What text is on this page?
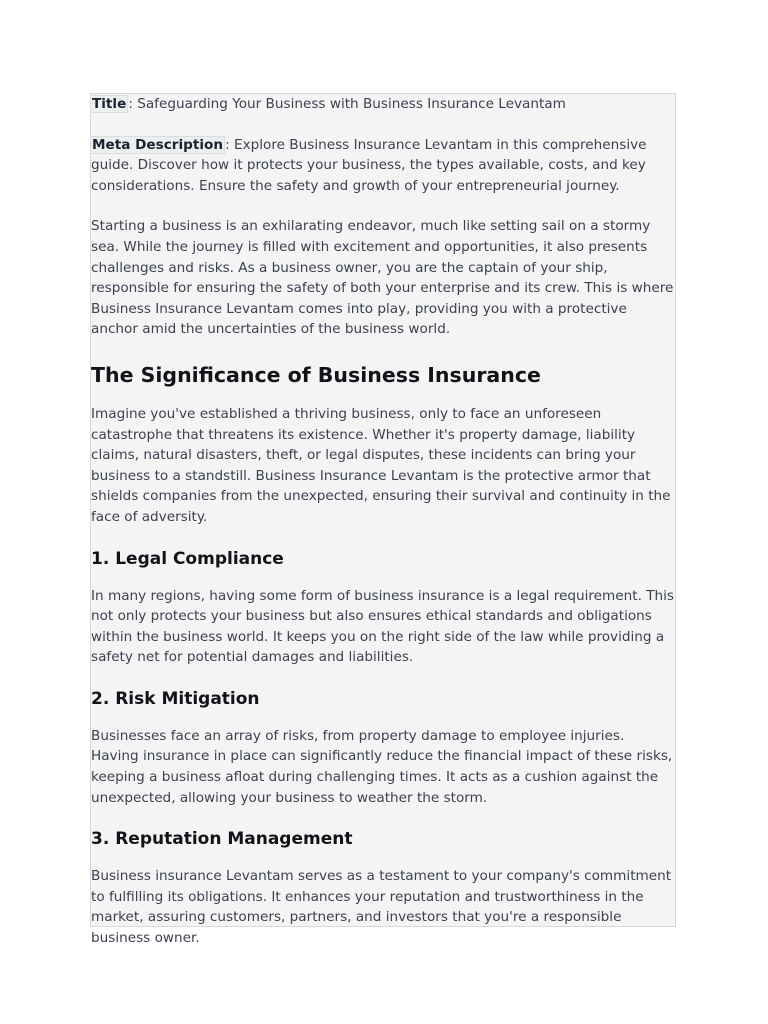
Title : Safeguarding Your Business with Business Insurance Levantam

Meta Description : Explore Business Insurance Levantam in this comprehensive guide. Discover how it protects your business, the types available, costs, and key considerations. Ensure the safety and growth of your entrepreneurial journey.

Starting a business is an exhilarating endeavor, much like setting sail on a stormy sea. While the journey is filled with excitement and opportunities, it also presents challenges and risks. As a business owner, you are the captain of your ship, responsible for ensuring the safety of both your enterprise and its crew. This is where Business Insurance Levantam comes into play, providing you with a protective anchor amid the uncertainties of the business world.

The Significance of Business Insurance

Imagine you've established a thriving business, only to face an unforeseen catastrophe that threatens its existence. Whether it's property damage, liability claims, natural disasters, theft, or legal disputes, these incidents can bring your business to a standstill. Business Insurance Levantam is the protective armor that shields companies from the unexpected, ensuring their survival and continuity in the face of adversity.

1. Legal Compliance

In many regions, having some form of business insurance is a legal requirement. This not only protects your business but also ensures ethical standards and obligations within the business world. It keeps you on the right side of the law while providing a safety net for potential damages and liabilities.

2. Risk Mitigation

Businesses face an array of risks, from property damage to employee injuries. Having insurance in place can significantly reduce the financial impact of these risks, keeping a business afloat during challenging times. It acts as a cushion against the unexpected, allowing your business to weather the storm.

3. Reputation Management

Business insurance Levantam serves as a testament to your company's commitment to fulfilling its obligations. It enhances your reputation and trustworthiness in the market, assuring customers, partners, and investors that you're a responsible business owner.
